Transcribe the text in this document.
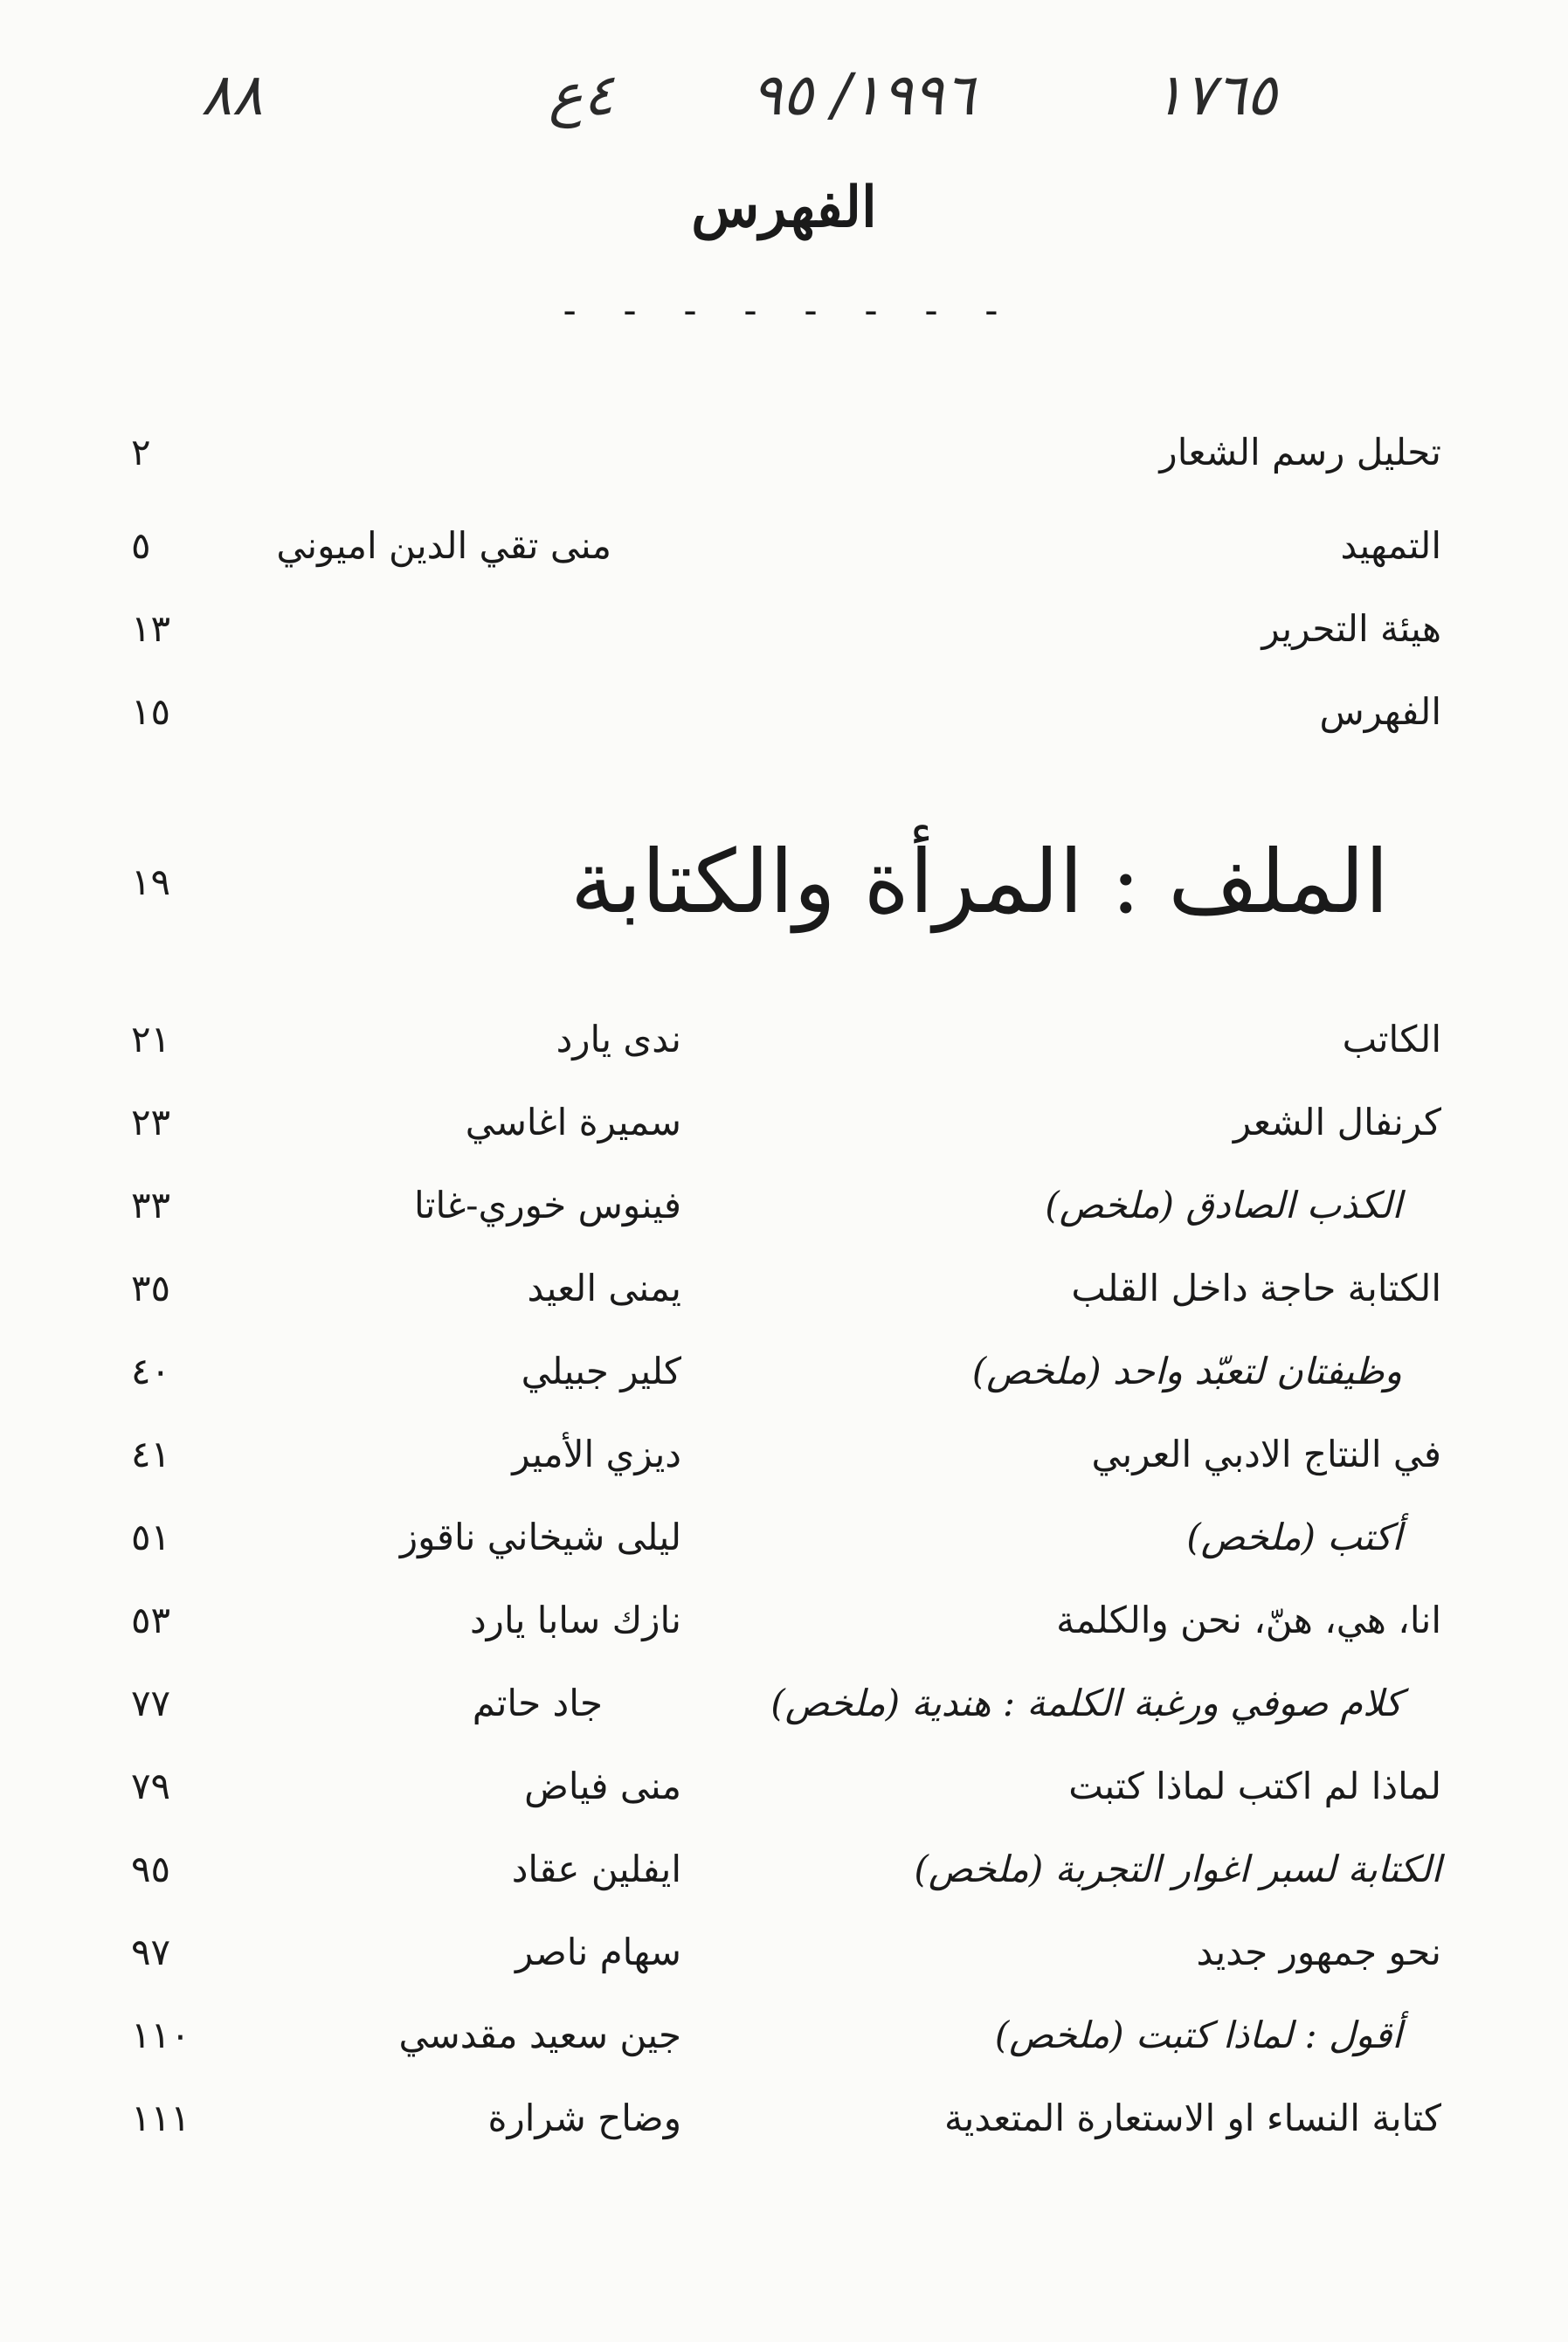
٨٨	٤ع ١٩٩٦/ ٩٥	١٧٦٥
الفهرس
- - - - - - - -
تحليل رسم الشعار
٢
التمهيد
منى تقي الدين اميوني
٥
هيئة التحرير
١٣
الفهرس
١٥
الملف : المرأة والكتابة
١٩
الكاتب
ندى يارد
٢١
كرنفال الشعر
سميرة اغاسي
٢٣
الكذب الصادق (ملخص)
فينوس خوري-غاتا
٣٣
الكتابة حاجة داخل القلب
يمنى العيد
٣٥
وظيفتان لتعبّد واحد (ملخص)
كلير جبيلي
٤٠
في النتاج الادبي العربي
ديزي الأمير
٤١
أكتب (ملخص)
ليلى شيخاني ناقوز
٥١
انا، هي، هنّ، نحن والكلمة
نازك سابا يارد
٥٣
كلام صوفي ورغبة الكلمة : هندية (ملخص)
جاد حاتم
٧٧
لماذا لم اكتب لماذا كتبت
منى فياض
٧٩
الكتابة لسبر اغوار التجربة (ملخص)
ايفلين عقاد
٩٥
نحو جمهور جديد
سهام ناصر
٩٧
أقول : لماذا كتبت (ملخص)
جين سعيد مقدسي
١١٠
كتابة النساء او الاستعارة المتعدية
وضاح شرارة
١١١
